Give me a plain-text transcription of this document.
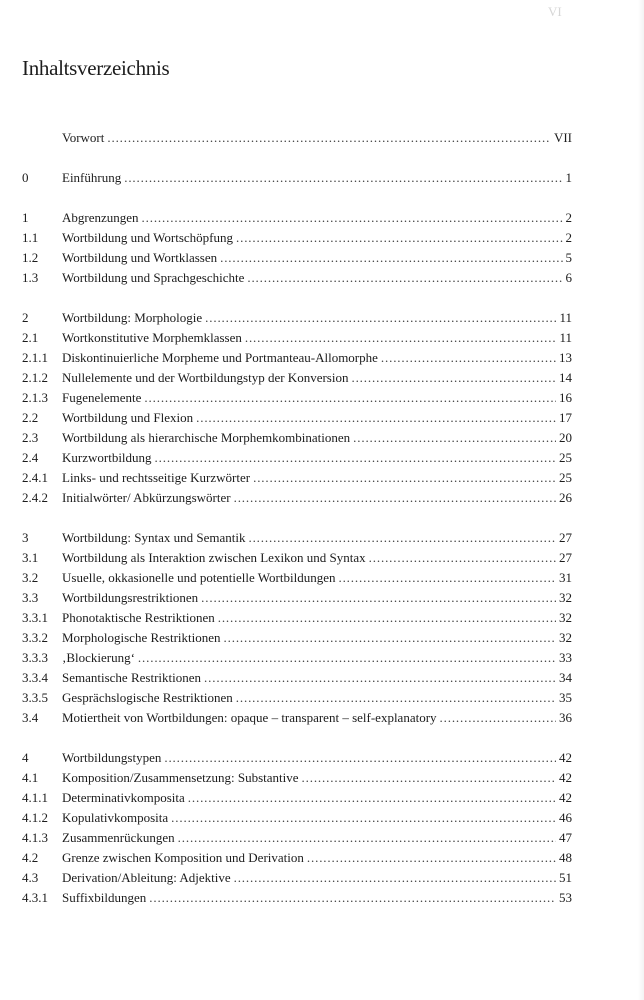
VI
Inhaltsverzeichnis
Vorwort . . .	VII
0	Einführung . . .	1
1	Abgrenzungen . . .	2
1.1	Wortbildung und Wortschöpfung . . .	2
1.2	Wortbildung und Wortklassen . . .	5
1.3	Wortbildung und Sprachgeschichte . . .	6
2	Wortbildung: Morphologie . . .	11
2.1	Wortkonstitutive Morphemklassen . . .	11
2.1.1	Diskontinuierliche Morpheme und Portmanteau-Allomorphe . . .	13
2.1.2	Nullelemente und der Wortbildungstyp der Konversion . . .	14
2.1.3	Fugenelemente . . .	16
2.2	Wortbildung und Flexion . . .	17
2.3	Wortbildung als hierarchische Morphemkombinationen . . .	20
2.4	Kurzwortbildung . . .	25
2.4.1	Links- und rechtsseitige Kurzwörter . . .	25
2.4.2	Initialwörter/ Abkürzungswörter . . .	26
3	Wortbildung: Syntax und Semantik . . .	27
3.1	Wortbildung als Interaktion zwischen Lexikon und Syntax . . .	27
3.2	Usuelle, okkasionelle und potentielle Wortbildungen . . .	31
3.3	Wortbildungsrestriktionen . . .	32
3.3.1	Phonotaktische Restriktionen . . .	32
3.3.2	Morphologische Restriktionen . . .	32
3.3.3	‚Blockierung‘ . . .	33
3.3.4	Semantische Restriktionen . . .	34
3.3.5	Gesprächslogische Restriktionen . . .	35
3.4	Motiertheit von Wortbildungen: opaque – transparent – self-explanatory . . .	36
4	Wortbildungstypen . . .	42
4.1	Komposition/Zusammensetzung: Substantive . . .	42
4.1.1	Determinativkomposita . . .	42
4.1.2	Kopulativkomposita . . .	46
4.1.3	Zusammenrückungen . . .	47
4.2	Grenze zwischen Komposition und Derivation . . .	48
4.3	Derivation/Ableitung: Adjektive . . .	51
4.3.1	Suffixbildungen . . .	53
